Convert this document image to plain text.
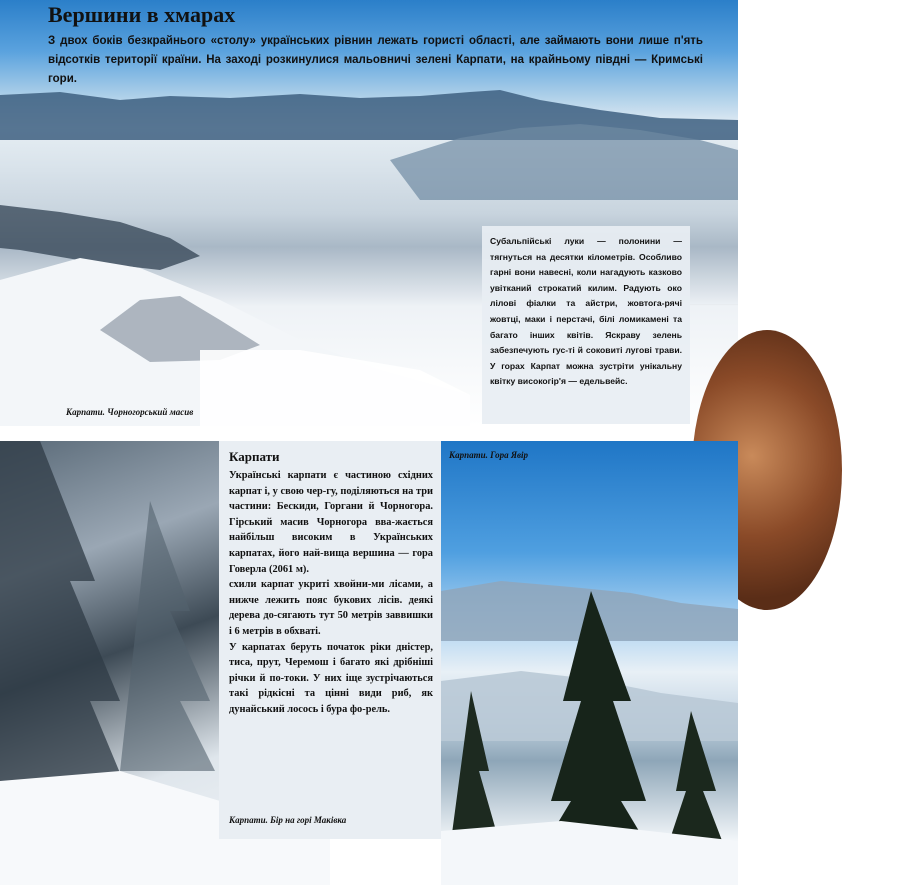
Вершини в хмарах

З двох боків безкрайнього «столу» українських рівнин лежать гористі області, але займають вони лише п'ять відсотків території країни. На заході розкинулися мальовничі зелені Карпати, на крайньому півдні — Кримські гори.

Субальпійські луки — полонини — тягнуться на десятки кілометрів. Особливо гарні вони навесні, коли нагадують казково увітканий строкатий килим. Радують око лілові фіалки та айстри, жовтога-рячі жовтці, маки і перстачі, білі ломикамені та багато інших квітів. Яскраву зелень забезпечують гус-ті й соковиті лугові трави. У горах Карпат можна зустріти унікальну квітку високогір'я — едельвейс.

Карпати. Чорногорський масив

Карпати. Гора Явір

Карпати. Бір на горі Маківка

Карпати

Українські карпати є частиною східних карпат і, у свою чер-гу, поділяються на три частини: Бескиди, Горгани й Чорногора. Гірський масив Чорногора вва-жається найбільш високим в Українських карпатах, його най-вища вершина — гора Говерла (2061 м).

схили карпат укриті хвойни-ми лісами, а нижче лежить пояс букових лісів. деякі дерева до-сягають тут 50 метрів заввишки і 6 метрів в обхваті.

У карпатах беруть початок ріки дністер, тиса, прут, Черемош і багато які дрібніші річки й по-токи. У них іще зустрічаються такі рідкісні та цінні види риб, як дунайський лосось і бура фо-рель.
